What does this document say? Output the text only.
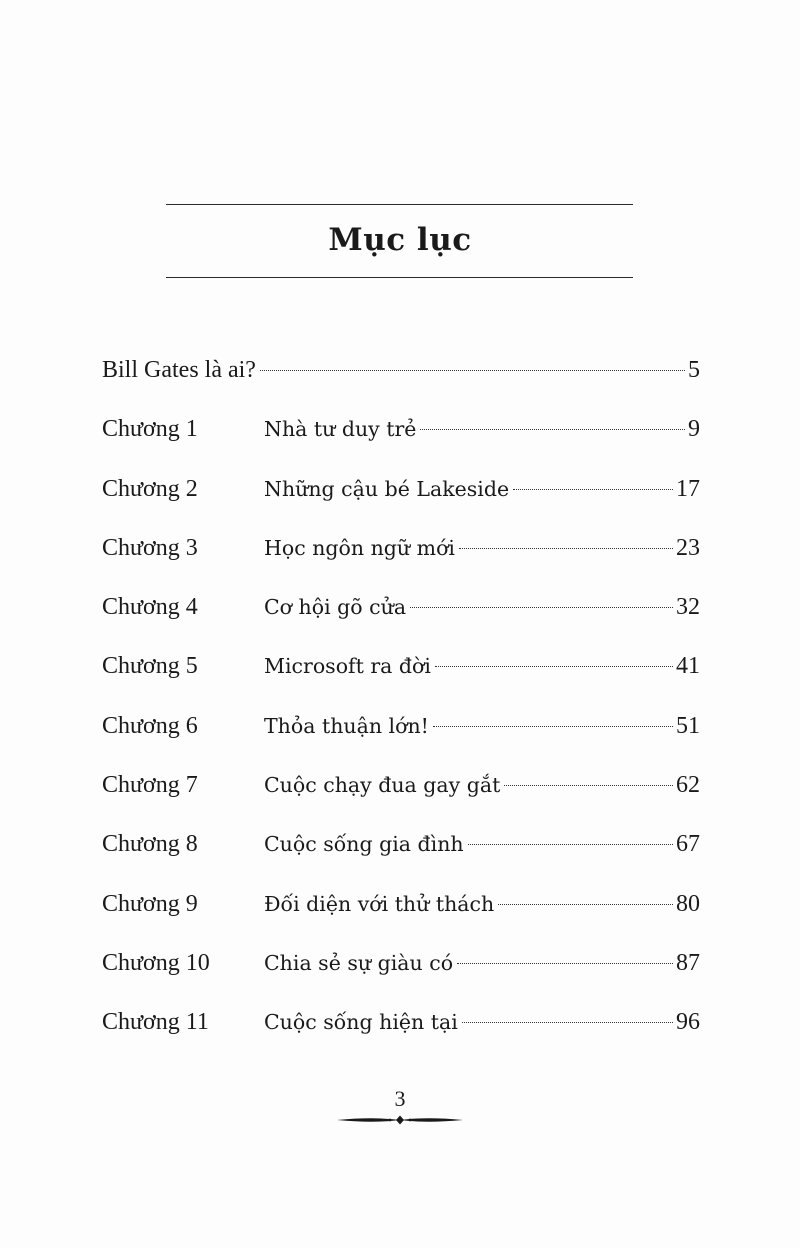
Mục lục
Bill Gates là ai?	5
Chương 1	Nhà tư duy trẻ	9
Chương 2	Những cậu bé Lakeside	17
Chương 3	Học ngôn ngữ mới	23
Chương 4	Cơ hội gõ cửa	32
Chương 5	Microsoft ra đời	41
Chương 6	Thỏa thuận lớn!	51
Chương 7	Cuộc chạy đua gay gắt	62
Chương 8	Cuộc sống gia đình	67
Chương 9	Đối diện với thử thách	80
Chương 10	Chia sẻ sự giàu có	87
Chương 11	Cuộc sống hiện tại	96
3
